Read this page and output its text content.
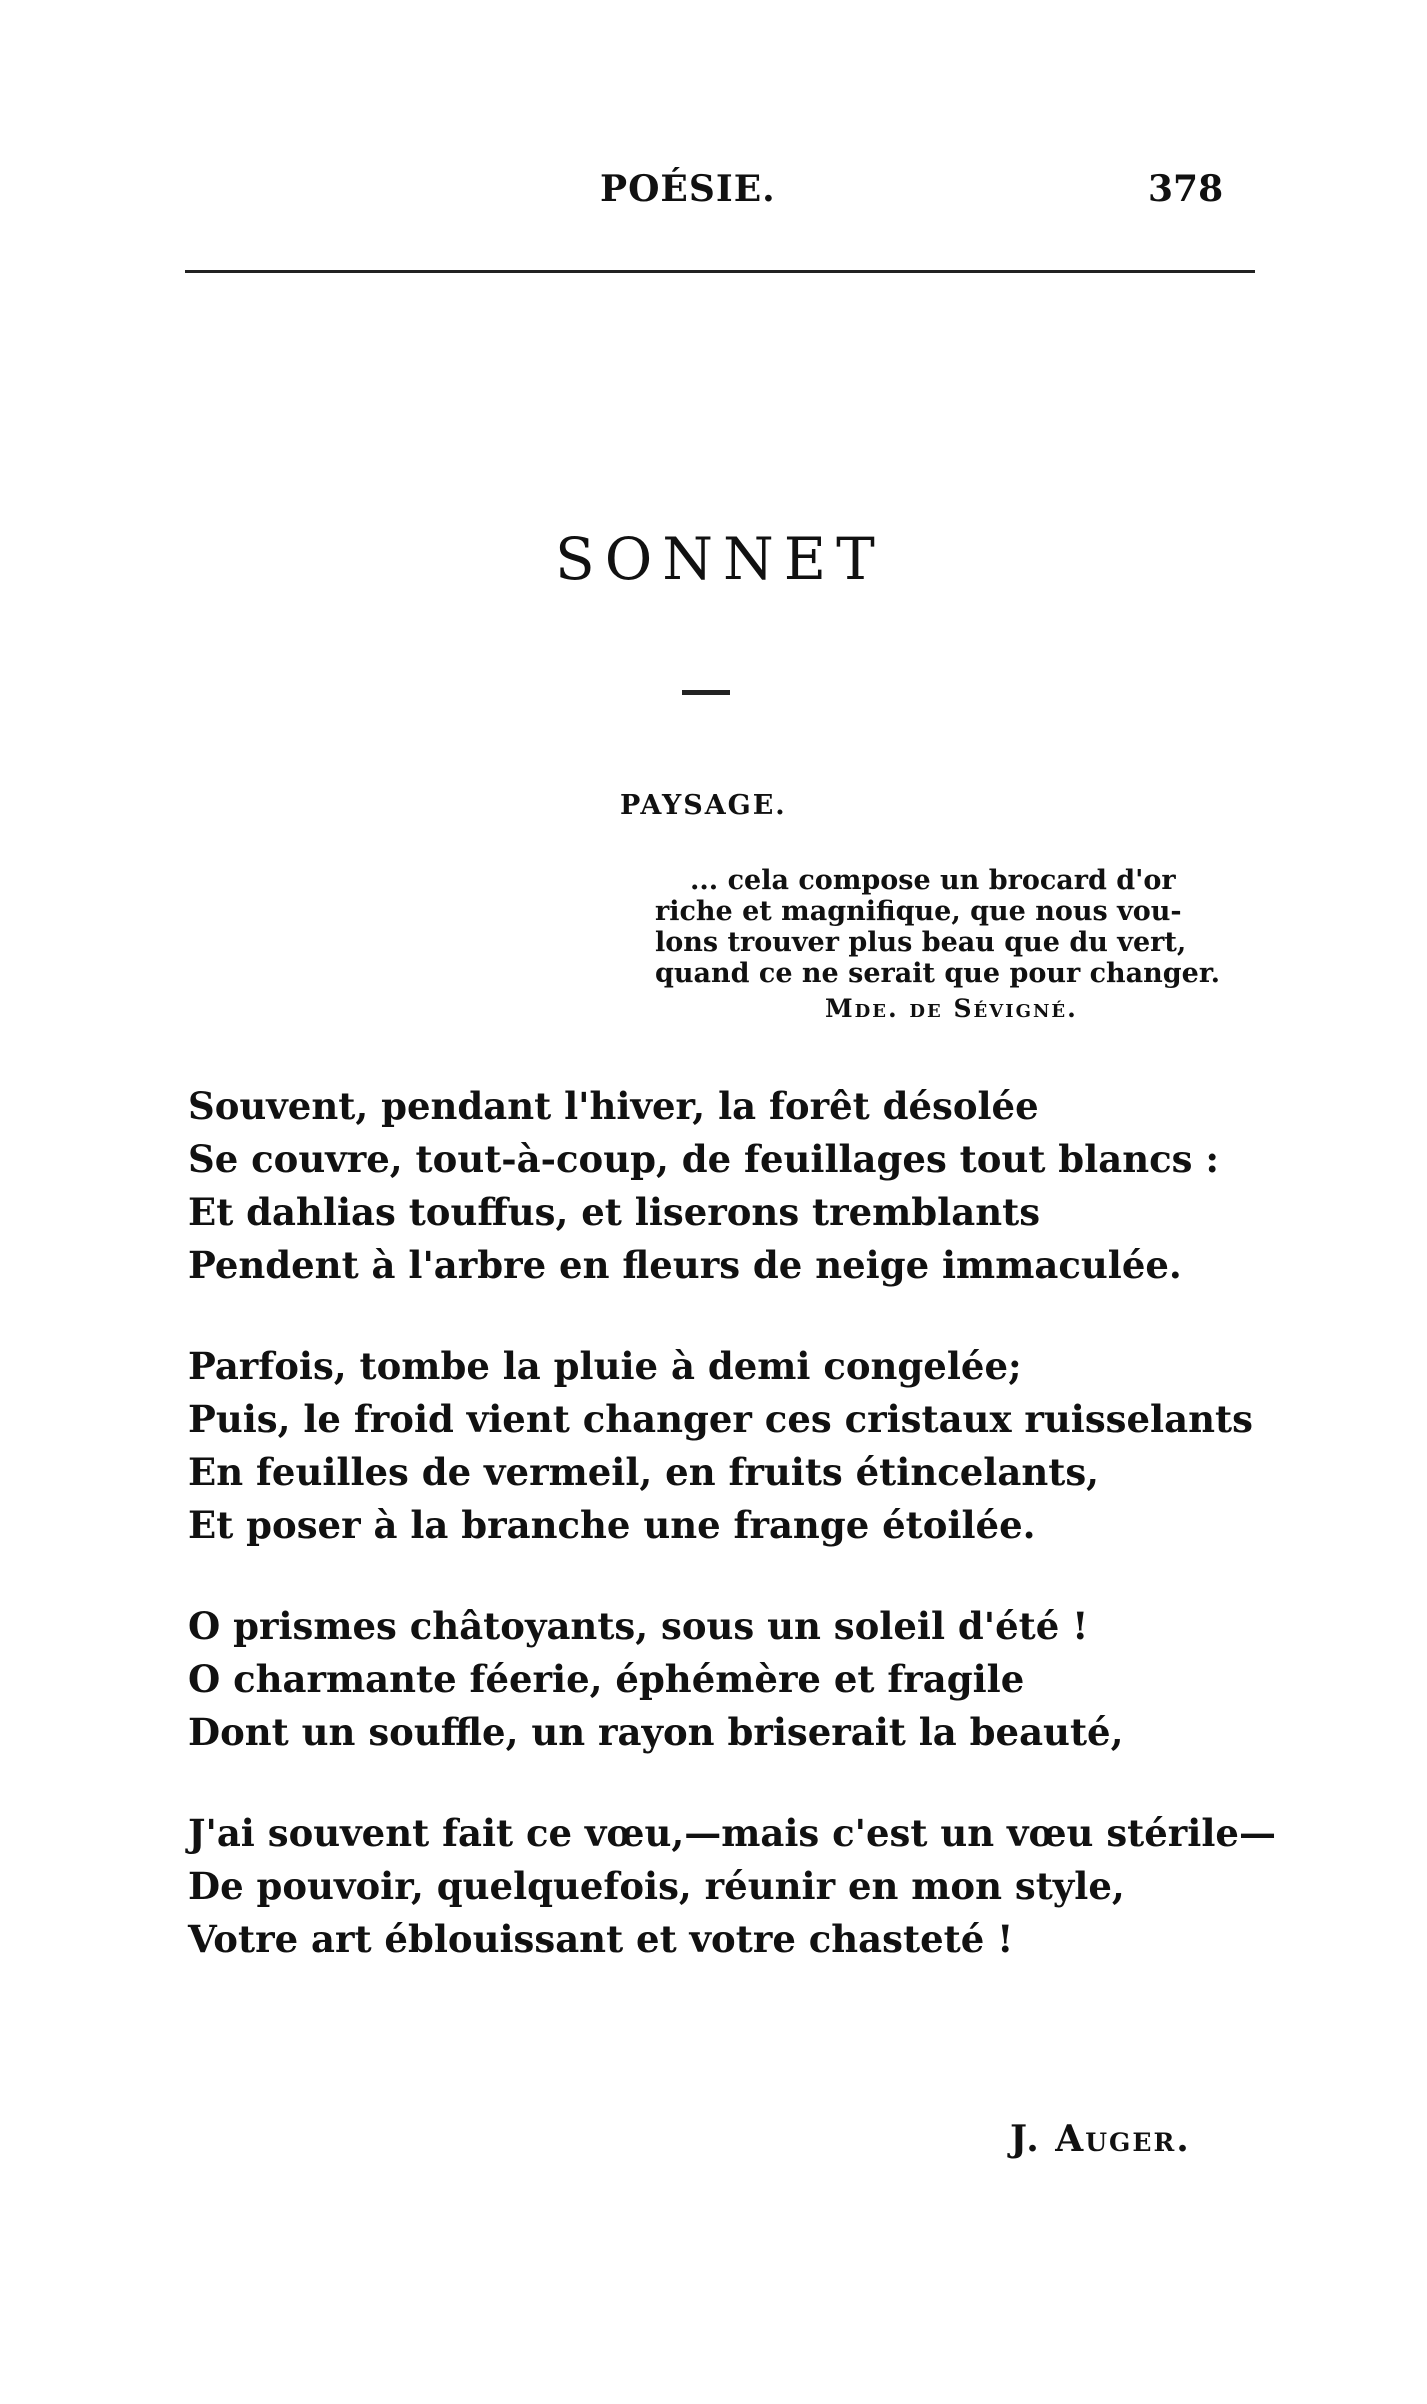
POÉSIE.	378
SONNET
PAYSAGE.
... cela compose un brocard d'or
riche et magnifique, que nous vou-
lons trouver plus beau que du vert,
quand ce ne serait que pour changer.
Mde. de Sévigné.
Souvent, pendant l'hiver, la forêt désolée
Se couvre, tout-à-coup, de feuillages tout blancs :
Et dahlias touffus, et liserons tremblants
Pendent à l'arbre en fleurs de neige immaculée.
Parfois, tombe la pluie à demi congelée;
Puis, le froid vient changer ces cristaux ruisselants
En feuilles de vermeil, en fruits étincelants,
Et poser à la branche une frange étoilée.
O prismes châtoyants, sous un soleil d'été !
O charmante féerie, éphémère et fragile
Dont un souffle, un rayon briserait la beauté,
J'ai souvent fait ce vœu,—mais c'est un vœu stérile—
De pouvoir, quelquefois, réunir en mon style,
Votre art éblouissant et votre chasteté !
J. Auger.
